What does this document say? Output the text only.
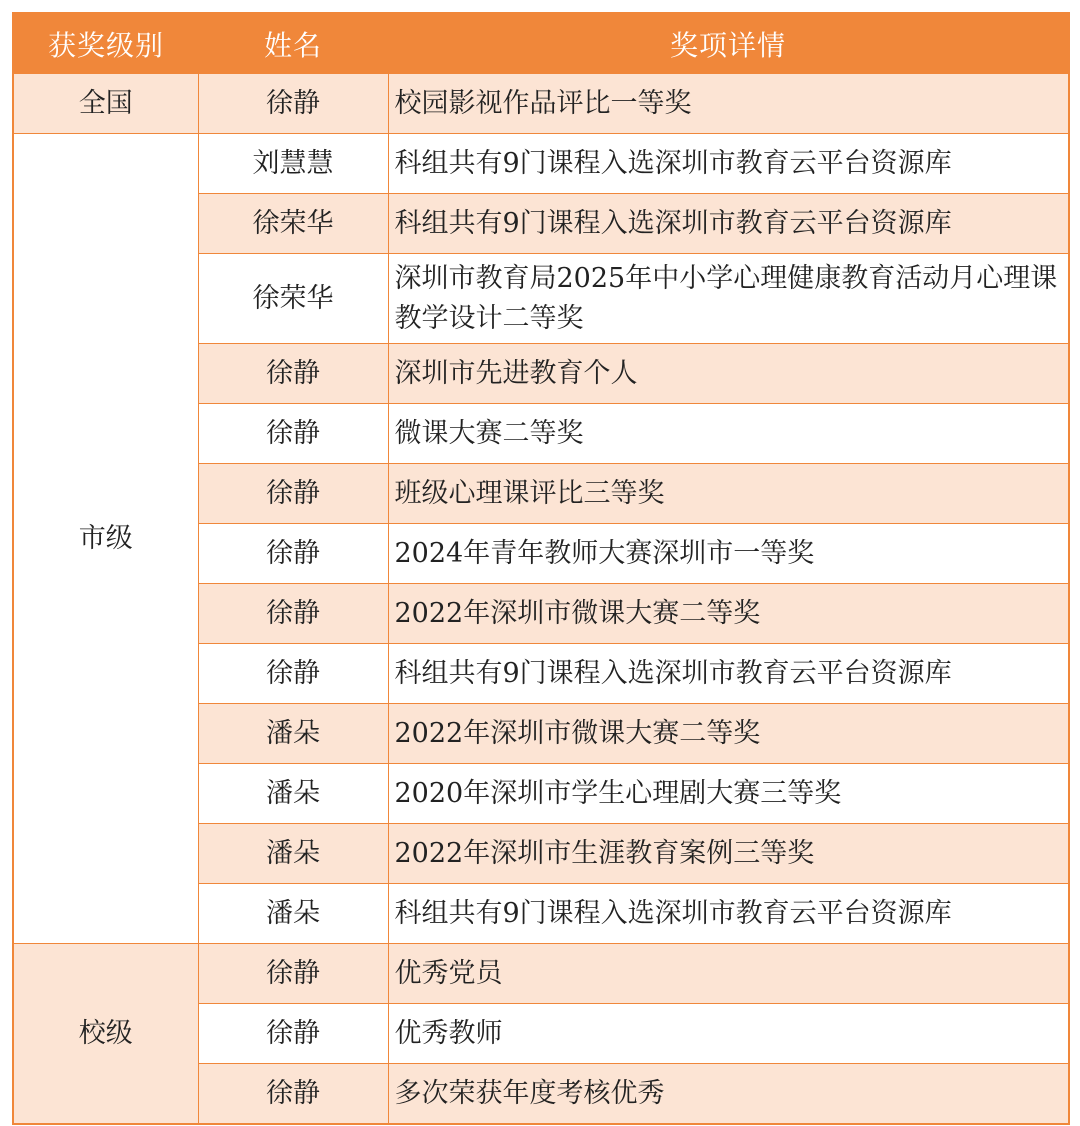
获奖级别	姓名	奖项详情
全国	徐静	校园影视作品评比一等奖
市级	刘慧慧	科组共有9门课程入选深圳市教育云平台资源库
	徐荣华	科组共有9门课程入选深圳市教育云平台资源库
	徐荣华	深圳市教育局2025年中小学心理健康教育活动月心理课教学设计二等奖
	徐静	深圳市先进教育个人
	徐静	微课大赛二等奖
	徐静	班级心理课评比三等奖
	徐静	2024年青年教师大赛深圳市一等奖
	徐静	2022年深圳市微课大赛二等奖
	徐静	科组共有9门课程入选深圳市教育云平台资源库
	潘朵	2022年深圳市微课大赛二等奖
	潘朵	2020年深圳市学生心理剧大赛三等奖
	潘朵	2022年深圳市生涯教育案例三等奖
	潘朵	科组共有9门课程入选深圳市教育云平台资源库
校级	徐静	优秀党员
	徐静	优秀教师
	徐静	多次荣获年度考核优秀
